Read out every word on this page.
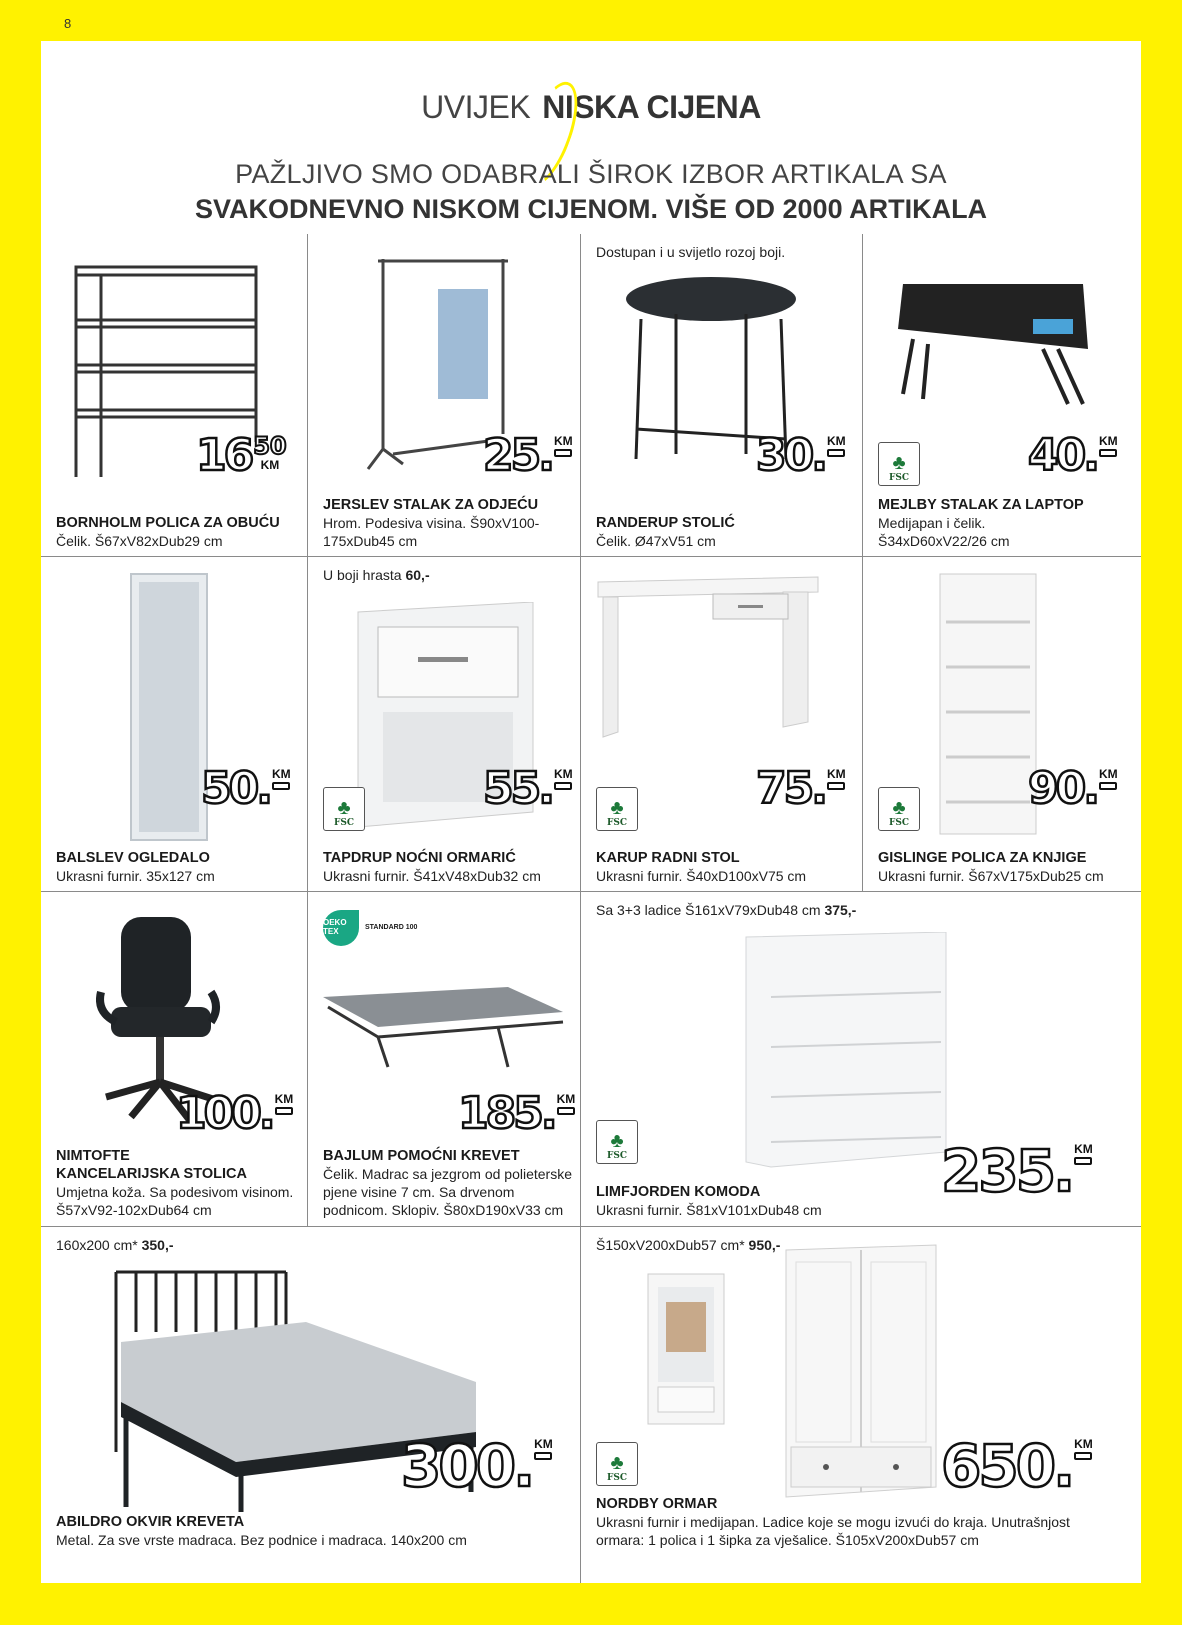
8
UVIJEK NISKA CIJENA
PAŽLJIVO SMO ODABRALI ŠIROK IZBOR ARTIKALA SA
SVAKODNEVNO NISKOM CIJENOM. VIŠE OD 2000 ARTIKALA
16 50
KM
BORNHOLM POLICA ZA OBUĆU
Čelik. Š67xV82xDub29 cm
25. KM
JERSLEV STALAK ZA ODJEĆU
Hrom. Podesiva visina. Š90xV100-175xDub45 cm
Dostupan i u svijetlo rozoj boji.
30. KM
RANDERUP STOLIĆ
Čelik. Ø47xV51 cm
♣
FSC	40. KM
MEJLBY STALAK ZA LAPTOP
Medijapan i čelik. Š34xD60xV22/26 cm
50. KM
BALSLEV OGLEDALO
Ukrasni furnir. 35x127 cm
U boji hrasta 60,-
♣
FSC
55. KM
TAPDRUP NOĆNI ORMARIĆ
Ukrasni furnir. Š41xV48xDub32 cm
♣
FSC
75. KM
KARUP RADNI STOL
Ukrasni furnir. Š40xD100xV75 cm
♣
FSC
90. KM
GISLINGE POLICA ZA KNJIGE
Ukrasni furnir. Š67xV175xDub25 cm
100. KM
NIMTOFTE KANCELARIJSKA STOLICA
Umjetna koža. Sa podesivom visinom. Š57xV92-102xDub64 cm
OEKO TEX	STANDARD 100
185. KM
BAJLUM POMOĆNI KREVET
Čelik. Madrac sa jezgrom od polieterske pjene visine 7 cm. Sa drvenom podnicom. Sklopiv. Š80xD190xV33 cm
Sa 3+3 ladice Š161xV79xDub48 cm 375,-
♣
FSC	235. KM
LIMFJORDEN KOMODA
Ukrasni furnir. Š81xV101xDub48 cm
160x200 cm* 350,-
300. KM
ABILDRO OKVIR KREVETA
Metal. Za sve vrste madraca. Bez podnice i madraca. 140x200 cm
Š150xV200xDub57 cm* 950,-
♣
FSC	650. KM
NORDBY ORMAR
Ukrasni furnir i medijapan. Ladice koje se mogu izvući do kraja. Unutrašnjost ormara: 1 polica i 1 šipka za vješalice. Š105xV200xDub57 cm
